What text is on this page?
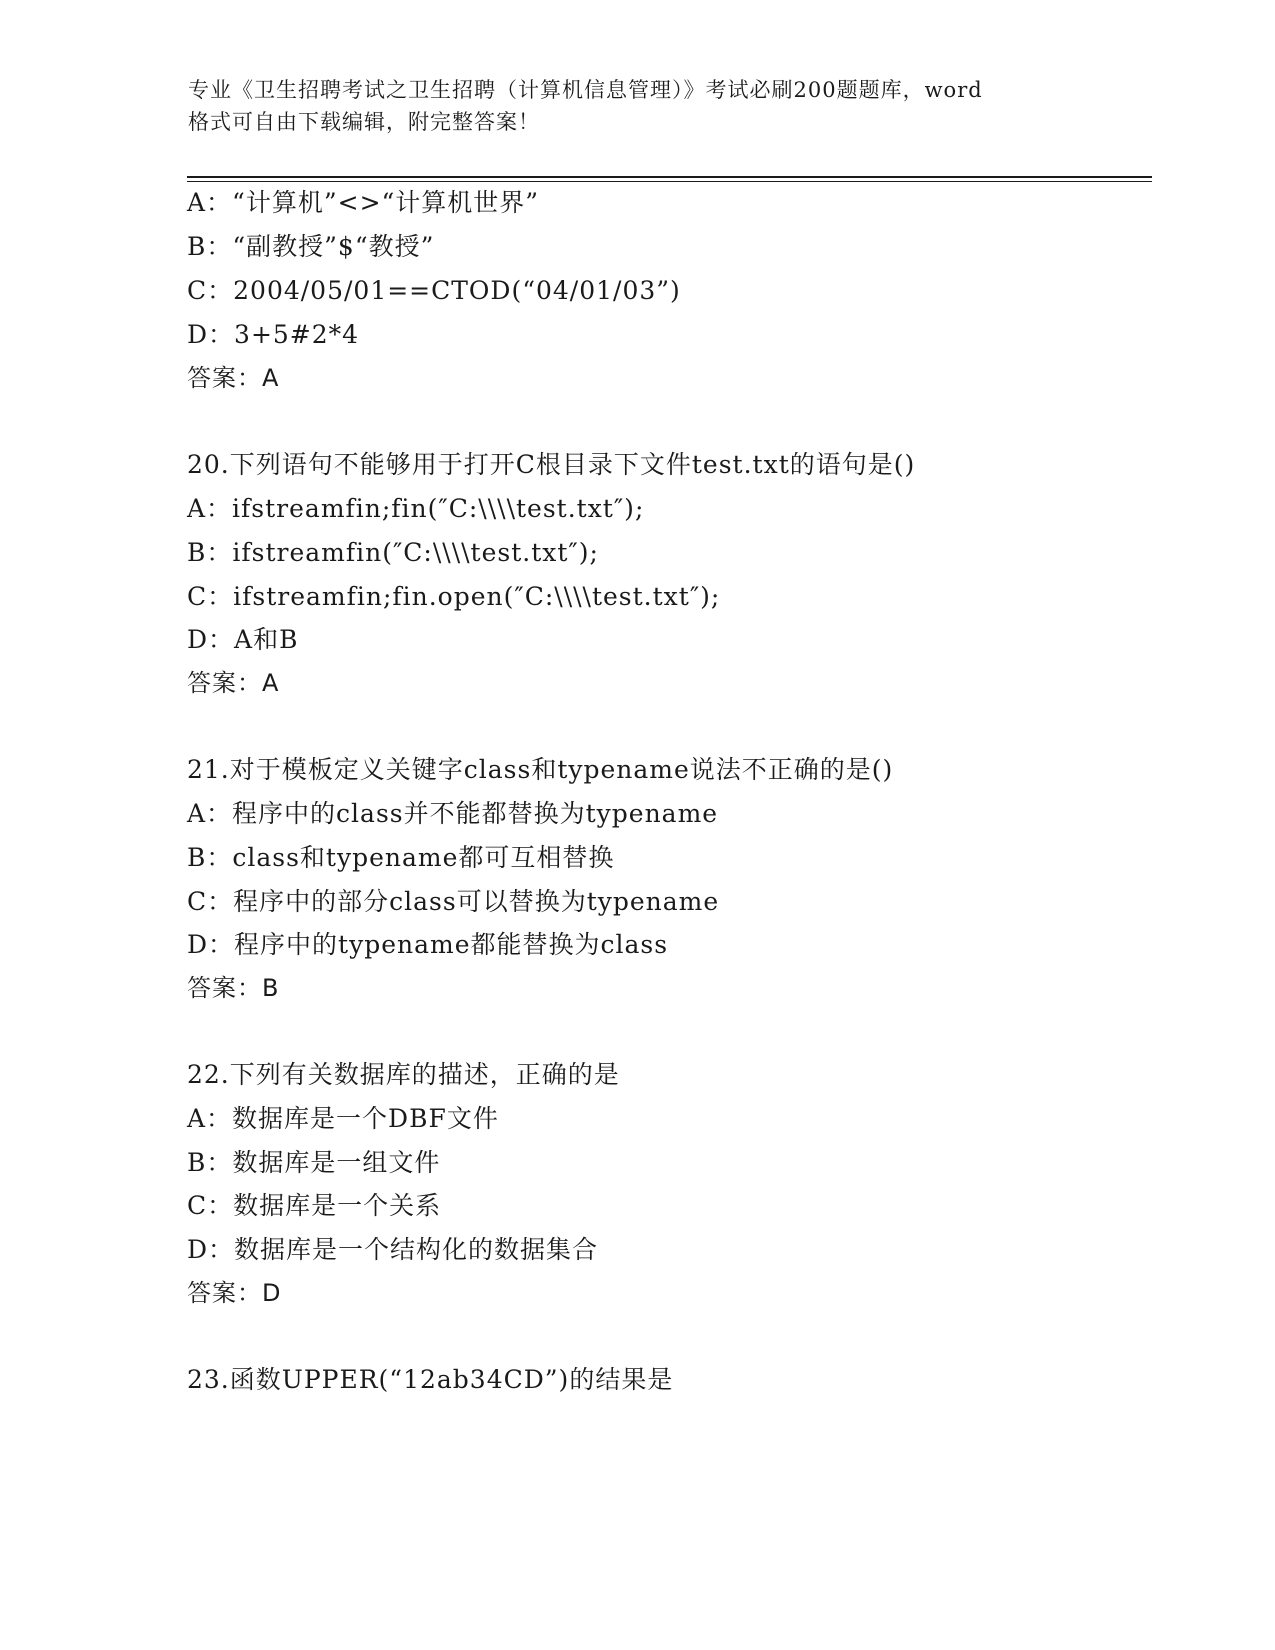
专业《卫生招聘考试之卫生招聘（计算机信息管理）》考试必刷200题题库，word
格式可自由下载编辑，附完整答案！
A：“计算机”<>“计算机世界”
B：“副教授”$“教授”
C：2004/05/01==CTOD(“04/01/03”)
D：3+5#2*4
答案：A
20.下列语句不能够用于打开C根目录下文件test.txt的语句是()
A：ifstreamfin;fin(″C:\\\\test.txt″);
B：ifstreamfin(″C:\\\\test.txt″);
C：ifstreamfin;fin.open(″C:\\\\test.txt″);
D：A和B
答案：A
21.对于模板定义关键字class和typename说法不正确的是()
A：程序中的class并不能都替换为typename
B：class和typename都可互相替换
C：程序中的部分class可以替换为typename
D：程序中的typename都能替换为class
答案：B
22.下列有关数据库的描述，正确的是
A：数据库是一个DBF文件
B：数据库是一组文件
C：数据库是一个关系
D：数据库是一个结构化的数据集合
答案：D
23.函数UPPER(“12ab34CD”)的结果是
